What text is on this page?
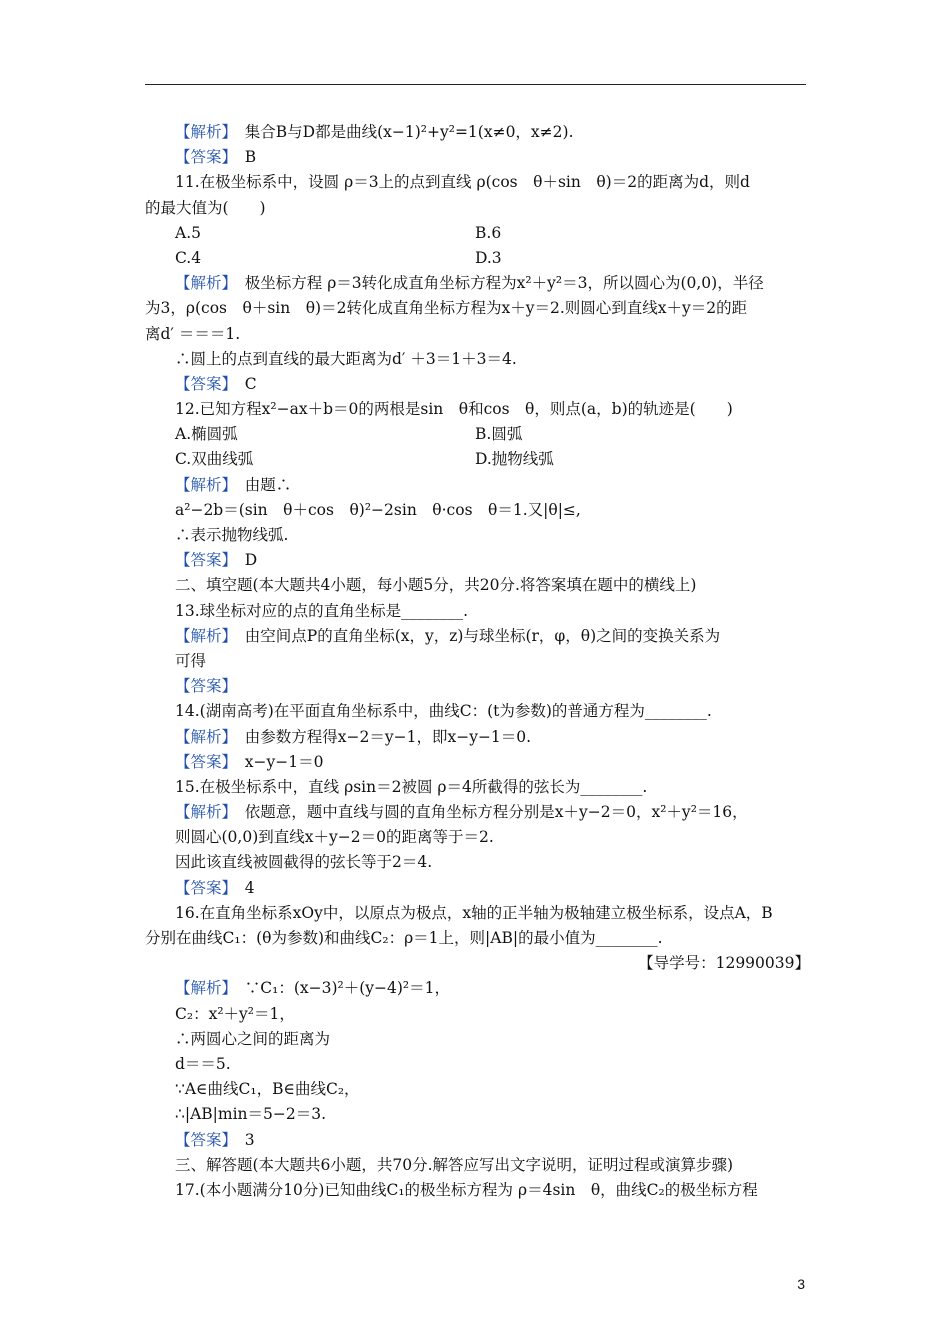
【解析】　集合B与D都是曲线(x−1)²+y²=1(x≠0，x≠2).
【答案】　B
11.在极坐标系中，设圆 ρ＝3上的点到直线 ρ(cos　θ＋sin　θ)＝2的距离为d，则d
的最大值为(　　)
A.5	B.6
C.4	D.3
【解析】　极坐标方程 ρ＝3转化成直角坐标方程为x²＋y²＝3，所以圆心为(0,0)，半径
为3，ρ(cos　θ＋sin　θ)＝2转化成直角坐标方程为x＋y＝2.则圆心到直线x＋y＝2的距
离d′ ＝＝＝1.
∴圆上的点到直线的最大距离为d′ ＋3＝1＋3＝4.
【答案】　C
12.已知方程x²−ax＋b＝0的两根是sin　θ和cos　θ，则点(a，b)的轨迹是(　　)
A.椭圆弧	B.圆弧
C.双曲线弧	D.抛物线弧
【解析】　由题∴
a²−2b＝(sin　θ＋cos　θ)²−2sin　θ·cos　θ＝1.又|θ|≤,
∴表示抛物线弧.
【答案】　D
二、填空题(本大题共4小题，每小题5分，共20分.将答案填在题中的横线上)
13.球坐标对应的点的直角坐标是________.
【解析】　由空间点P的直角坐标(x，y，z)与球坐标(r，φ，θ)之间的变换关系为
可得
【答案】
14.(湖南高考)在平面直角坐标系中，曲线C：(t为参数)的普通方程为________.
【解析】　由参数方程得x−2＝y−1，即x−y−1＝0.
【答案】　x−y−1＝0
15.在极坐标系中，直线 ρsin＝2被圆 ρ＝4所截得的弦长为________.
【解析】　依题意，题中直线与圆的直角坐标方程分别是x＋y−2＝0，x²＋y²＝16，
则圆心(0,0)到直线x＋y−2＝0的距离等于＝2.
因此该直线被圆截得的弦长等于2＝4.
【答案】　4
16.在直角坐标系xOy中，以原点为极点，x轴的正半轴为极轴建立极坐标系，设点A，B
分别在曲线C₁：(θ为参数)和曲线C₂：ρ＝1上，则|AB|的最小值为________.
【导学号：12990039】
【解析】　∵C₁：(x−3)²＋(y−4)²＝1，
C₂：x²＋y²＝1，
∴两圆心之间的距离为
d＝＝5.
∵A∈曲线C₁，B∈曲线C₂，
∴|AB|min＝5−2＝3.
【答案】　3
三、解答题(本大题共6小题，共70分.解答应写出文字说明，证明过程或演算步骤)
17.(本小题满分10分)已知曲线C₁的极坐标方程为 ρ＝4sin　θ，曲线C₂的极坐标方程
3
